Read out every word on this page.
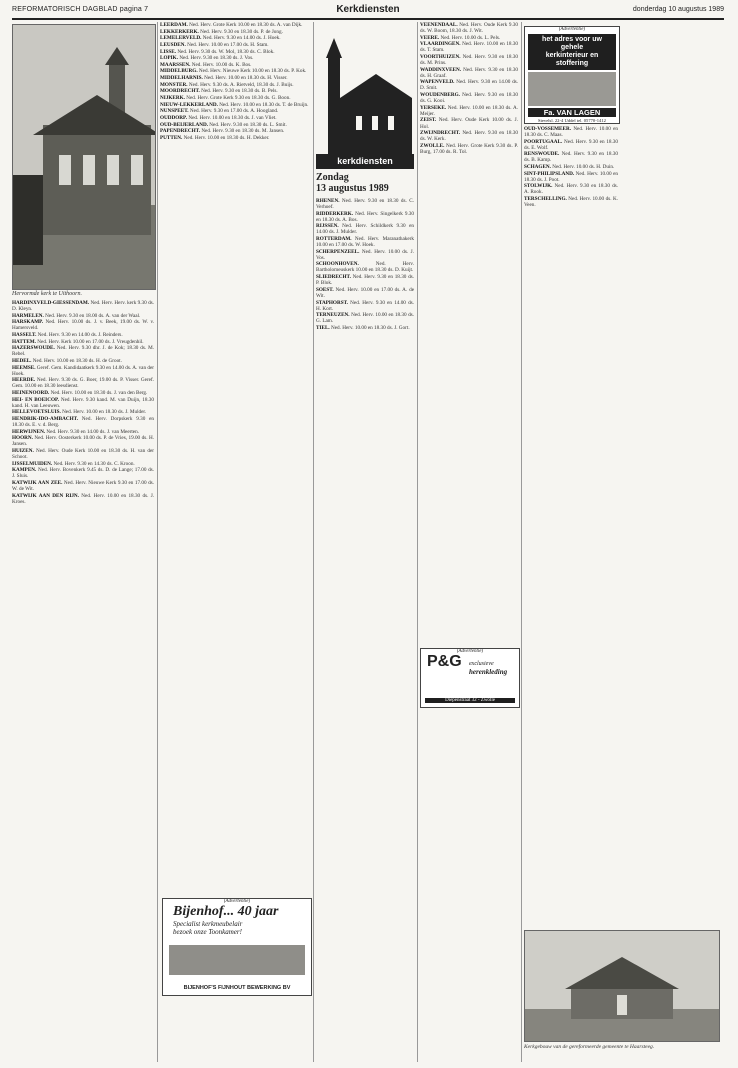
REFORMATORISCH DAGBLAD pagina 7	Kerkdiensten	donderdag 10 augustus 1989
Hervormde kerk te Uithoorn.

HARDINXVELD-GIESSENDAM. Ned. Herv. Herv. kerk 9.30 ds. D. Kleyn.

HARMELEN. Ned. Herv. 9.30 en 18.00 ds. A. van der Waal.

HARSKAMP. Ned. Herv. 10.00 ds. J. v. Beek, 19.00 ds. W. v. Hamersveld.

HASSELT. Ned. Herv. 9.30 en 14.00 ds. J. Reinders.

HATTEM. Ned. Herv. Kerk 10.00 en 17.00 ds. J. Vreugdenhil.

HAZERSWOUDE. Ned. Herv. 9.30 dhr. J. de Kok; 18.30 ds. M. Rebel.

HEDEL. Ned. Herv. 10.00 en 18.30 ds. H. de Groot.

HEEMSE. Geref. Gem. Kandidaatkerk 9.30 en 14.00 ds. A. van der Hoek.

HEERDE. Ned. Herv. 9.30 ds. G. Boer, 19.00 ds. P. Visser. Geref. Gem. 10.00 en 18.30 leesdienst.

HEINENOORD. Ned. Herv. 10.00 en 18.30 ds. J. van den Berg.

HEI- EN BOEICOP. Ned. Herv. 9.30 kand. M. van Duijn, 18.30 kand. H. van Leeuwen.

HELLEVOETSLUIS. Ned. Herv. 10.00 en 18.30 ds. J. Mulder.

HENDRIK-IDO-AMBACHT. Ned. Herv. Dorpskerk 9.30 en 18.30 ds. E. v. d. Berg.

HERWIJNEN. Ned. Herv. 9.30 en 14.00 ds. J. van Meerten.

HOORN. Ned. Herv. Oosterkerk 10.00 ds. P. de Vries, 19.00 ds. H. Jansen.

HUIZEN. Ned. Herv. Oude Kerk 10.00 en 18.30 ds. H. van der Schoot.

IJSSELMUIDEN. Ned. Herv. 9.30 en 14.30 ds. C. Kroon.

KAMPEN. Ned. Herv. Bovenkerk 9.45 ds. D. de Lange; 17.00 ds. J. Sluis.

KATWIJK AAN ZEE. Ned. Herv. Nieuwe Kerk 9.30 en 17.00 ds. W. de Wit.

KATWIJK AAN DEN RIJN. Ned. Herv. 10.00 en 18.30 ds. J. Kroes.

LEERDAM. Ned. Herv. Grote Kerk 10.00 en 18.30 ds. A. van Dijk.

LEKKERKERK. Ned. Herv. 9.30 en 18.30 ds. P. de Jong.

LEMELERVELD. Ned. Herv. 9.30 en 14.00 ds. J. Hoek.

LEUSDEN. Ned. Herv. 10.00 en 17.00 ds. H. Stam.

LISSE. Ned. Herv. 9.30 ds. W. Mol, 18.30 ds. C. Blok.

LOPIK. Ned. Herv. 9.30 en 18.30 ds. J. Vos.

MAARSSEN. Ned. Herv. 10.00 ds. K. Bos.

MIDDELBURG. Ned. Herv. Nieuwe Kerk 10.00 en 18.30 ds. P. Kok.

MIDDELHARNIS. Ned. Herv. 10.00 en 18.30 ds. H. Visser.

MONSTER. Ned. Herv. 9.30 ds. A. Rietveld, 18.30 ds. J. Buijs.

MOORDRECHT. Ned. Herv. 9.30 en 18.30 ds. B. Pels.

NIJKERK. Ned. Herv. Grote Kerk 9.30 en 18.30 ds. G. Boon.

NIEUW-LEKKERLAND. Ned. Herv. 10.00 en 18.30 ds. T. de Bruijn.

NUNSPEET. Ned. Herv. 9.30 en 17.00 ds. A. Hoogland.

OUDDORP. Ned. Herv. 10.00 en 18.30 ds. J. van Vliet.

OUD-BEIJERLAND. Ned. Herv. 9.30 en 18.30 ds. L. Smit.

PAPENDRECHT. Ned. Herv. 9.30 en 18.30 ds. M. Jansen.

PUTTEN. Ned. Herv. 10.00 en 18.30 ds. H. Dekker.

kerkdiensten
Zondag
13 augustus 1989

RHENEN. Ned. Herv. 9.30 en 18.30 ds. C. Verhoef.

RIDDERKERK. Ned. Herv. Singelkerk 9.30 en 18.30 ds. A. Bos.

RIJSSEN. Ned. Herv. Schildkerk 9.30 en 14.00 ds. J. Mulder.

ROTTERDAM. Ned. Herv. Maranathakerk 10.00 en 17.00 ds. W. Hoek.

SCHERPENZEEL. Ned. Herv. 10.00 ds. J. Vos.

SCHOONHOVEN. Ned. Herv. Bartholomeuskerk 10.00 en 18.30 ds. D. Kuijt.

SLIEDRECHT. Ned. Herv. 9.30 en 18.30 ds. P. Blok.

SOEST. Ned. Herv. 10.00 en 17.00 ds. A. de Wit.

STAPHORST. Ned. Herv. 9.30 en 14.00 ds. H. Kort.

TERNEUZEN. Ned. Herv. 10.00 en 18.30 ds. G. Lam.

TIEL. Ned. Herv. 10.00 en 18.30 ds. J. Gort.

VEENENDAAL. Ned. Herv. Oude Kerk 9.30 ds. W. Boom, 18.30 ds. J. Wit.

VEERE. Ned. Herv. 10.00 ds. L. Pels.

VLAARDINGEN. Ned. Herv. 10.00 en 18.30 ds. T. Stam.

VOORTHUIZEN. Ned. Herv. 9.30 en 18.30 ds. M. Prins.

WADDINXVEEN. Ned. Herv. 9.30 en 18.30 ds. H. Graaf.

WAPENVELD. Ned. Herv. 9.30 en 14.00 ds. D. Smit.

WOUDENBERG. Ned. Herv. 9.30 en 18.30 ds. G. Kooi.

YERSEKE. Ned. Herv. 10.00 en 18.30 ds. A. Meijer.

ZEIST. Ned. Herv. Oude Kerk 10.00 ds. J. Hol.

ZWIJNDRECHT. Ned. Herv. 9.30 en 18.30 ds. W. Kerk.

ZWOLLE. Ned. Herv. Grote Kerk 9.30 ds. P. Burg, 17.00 ds. R. Tol.

(Advertentie)
het adres voor uw gehele
kerkinterieur en stoffering
Fa. VAN LAGEN
Stevelsl. 22-4 Uddel tel. 05770-1412

OUD-VOSSEMEER. Ned. Herv. 10.00 en 18.30 ds. C. Maas.

POORTUGAAL. Ned. Herv. 9.30 en 18.30 ds. E. Wolf.

RENSWOUDE. Ned. Herv. 9.30 en 18.30 ds. B. Kamp.

SCHAGEN. Ned. Herv. 10.00 ds. H. Duin.

SINT-PHILIPSLAND. Ned. Herv. 10.00 en 18.30 ds. J. Poot.

STOLWIJK. Ned. Herv. 9.30 en 18.30 ds. A. Rook.

TERSCHELLING. Ned. Herv. 10.00 ds. K. Veen.

(Advertentie)
P&G	exclusieve
herenkleding
Diepenstraat 32 - Zwolle
(Advertentie)
Bijenhof... 40 jaar
Specialist kerkmeubelair
bezoek onze Toonkamer!
BIJENHOF'S FIJNHOUT BEWERKING BV
Kerkgebouw van de gereformeerde gemeente te Haarsteeg.
